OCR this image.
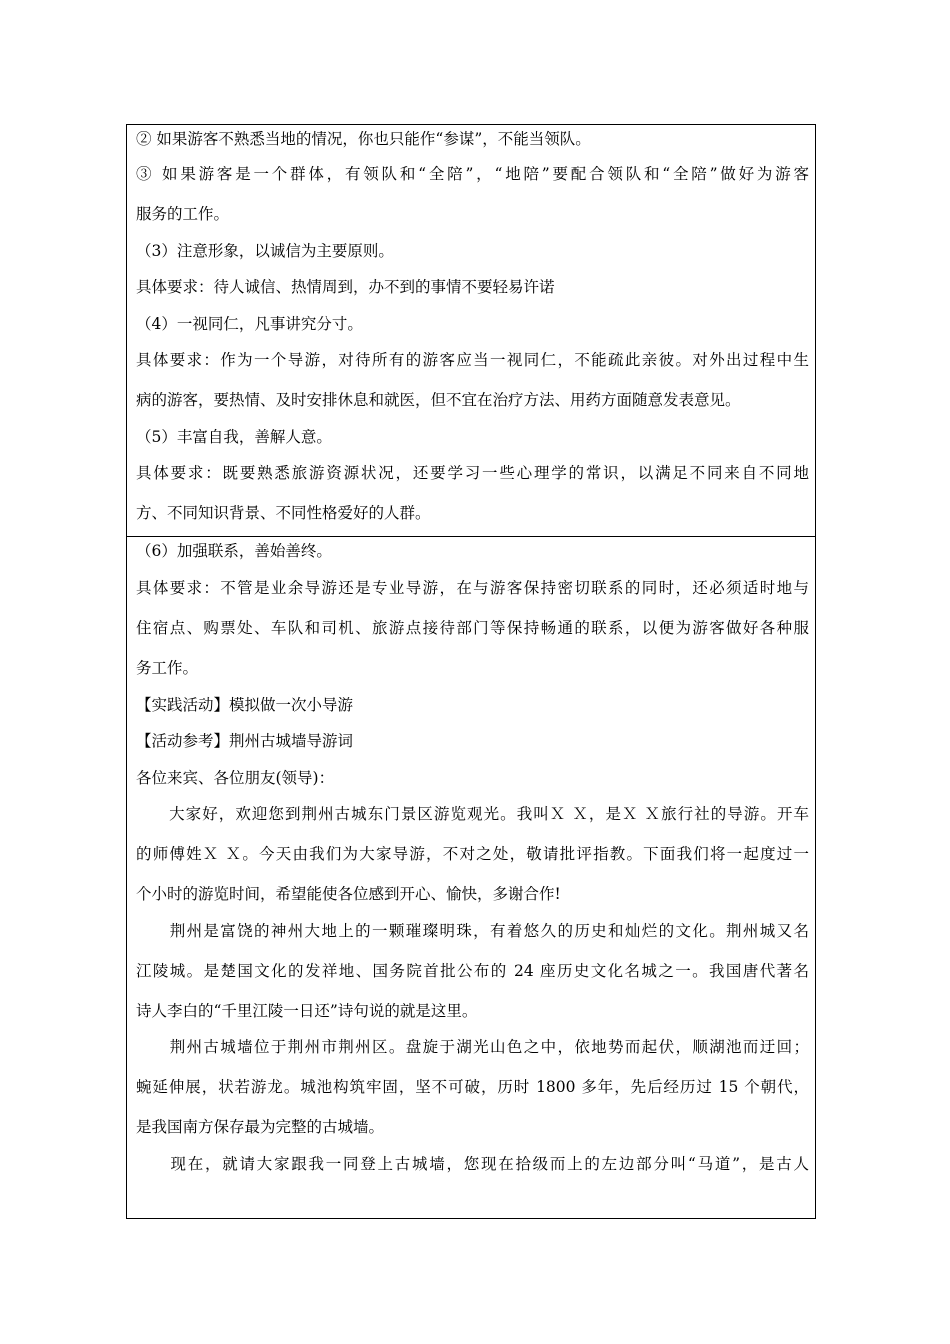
② 如果游客不熟悉当地的情况，你也只能作“参谋”，不能当领队。
③ 如果游客是一个群体，有领队和“全陪”，“地陪”要配合领队和“全陪”做好为游客
服务的工作。
（3）注意形象，以诚信为主要原则。
具体要求：待人诚信、热情周到，办不到的事情不要轻易许诺
（4）一视同仁，凡事讲究分寸。
具体要求：作为一个导游，对待所有的游客应当一视同仁，不能疏此亲彼。对外出过程中生
病的游客，要热情、及时安排休息和就医，但不宜在治疗方法、用药方面随意发表意见。
（5）丰富自我，善解人意。
具体要求：既要熟悉旅游资源状况，还要学习一些心理学的常识，以满足不同来自不同地
方、不同知识背景、不同性格爱好的人群。
（6）加强联系，善始善终。
具体要求：不管是业余导游还是专业导游，在与游客保持密切联系的同时，还必须适时地与
住宿点、购票处、车队和司机、旅游点接待部门等保持畅通的联系，以便为游客做好各种服
务工作。
【实践活动】模拟做一次小导游
【活动参考】荆州古城墙导游词
各位来宾、各位朋友(领导)：
　　大家好，欢迎您到荆州古城东门景区游览观光。我叫Ｘ Ｘ，是Ｘ Ｘ旅行社的导游。开车
的师傅姓Ｘ Ｘ。今天由我们为大家导游，不对之处，敬请批评指教。下面我们将一起度过一
个小时的游览时间，希望能使各位感到开心、愉快，多谢合作!
　　荆州是富饶的神州大地上的一颗璀璨明珠，有着悠久的历史和灿烂的文化。荆州城又名
江陵城。是楚国文化的发祥地、国务院首批公布的 24 座历史文化名城之一。我国唐代著名
诗人李白的“千里江陵一日还”诗句说的就是这里。
　　荆州古城墙位于荆州市荆州区。盘旋于湖光山色之中，依地势而起伏，顺湖池而迂回；
蜿延伸展，状若游龙。城池构筑牢固，坚不可破，历时 1800 多年，先后经历过 15 个朝代，
是我国南方保存最为完整的古城墙。
　　现在，就请大家跟我一同登上古城墙，您现在拾级而上的左边部分叫“马道”，是古人
